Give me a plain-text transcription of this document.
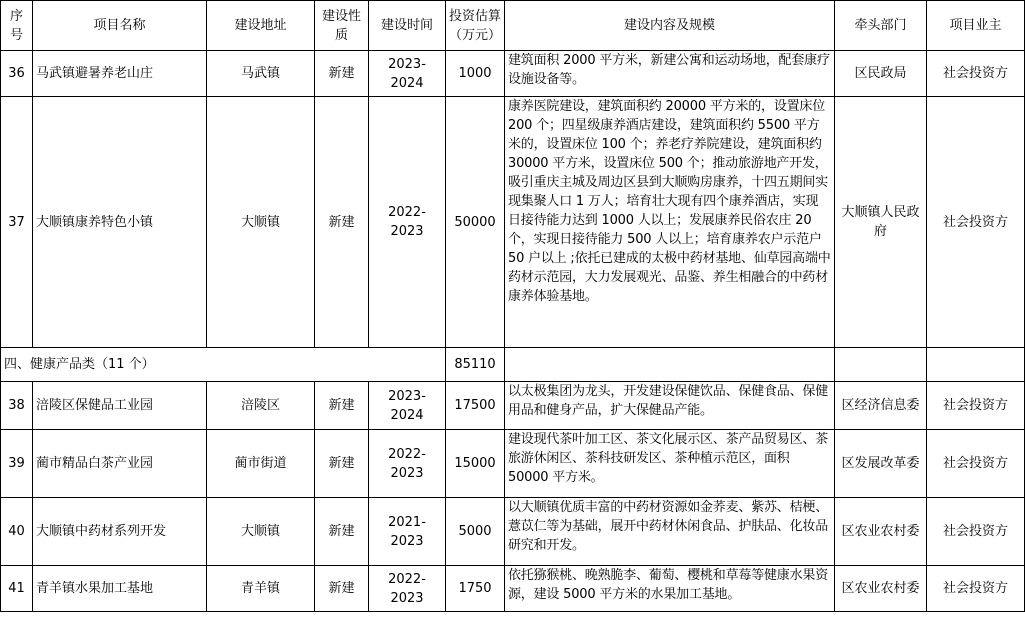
序号	项目名称	建设地址	建设性质	建设时间	投资估算（万元）	建设内容及规模	牵头部门	项目业主
36	马武镇避暑养老山庄	马武镇	新建	2023-2024	1000	建筑面积 2000 平方米，新建公寓和运动场地，配套康疗设施设备等。	区民政局	社会投资方
37	大顺镇康养特色小镇	大顺镇	新建	2022-2023	50000	康养医院建设，建筑面积约 20000 平方米的，设置床位 200 个；四星级康养酒店建设，建筑面积约 5500 平方米的，设置床位 100 个；养老疗养院建设，建筑面积约 30000 平方米，设置床位 500 个；推动旅游地产开发，吸引重庆主城及周边区县到大顺购房康养，十四五期间实现集聚人口 1 万人；培育壮大现有四个康养酒店，实现日接待能力达到 1000 人以上；发展康养民俗农庄 20 个，实现日接待能力 500 人以上；培育康养农户示范户 50 户以上 ;依托已建成的太极中药材基地、仙草园高端中药材示范园，大力发展观光、品鉴、养生相融合的中药材康养体验基地。	大顺镇人民政府	社会投资方
四、健康产品类（11 个）					85110			
38	涪陵区保健品工业园	涪陵区	新建	2023-2024	17500	以太极集团为龙头，开发建设保健饮品、保健食品、保健用品和健身产品，扩大保健品产能。	区经济信息委	社会投资方
39	蔺市精品白茶产业园	蔺市街道	新建	2022-2023	15000	建设现代茶叶加工区、茶文化展示区、茶产品贸易区、茶旅游休闲区、茶科技研发区、茶种植示范区，面积 50000 平方米。	区发展改革委	社会投资方
40	大顺镇中药材系列开发	大顺镇	新建	2021-2023	5000	以大顺镇优质丰富的中药材资源如金荞麦、紫苏、桔梗、薏苡仁等为基础，展开中药材休闲食品、护肤品、化妆品研究和开发。	区农业农村委	社会投资方
41	青羊镇水果加工基地	青羊镇	新建	2022-2023	1750	依托猕猴桃、晚熟脆李、葡萄、樱桃和草莓等健康水果资源，建设 5000 平方米的水果加工基地。	区农业农村委	社会投资方
